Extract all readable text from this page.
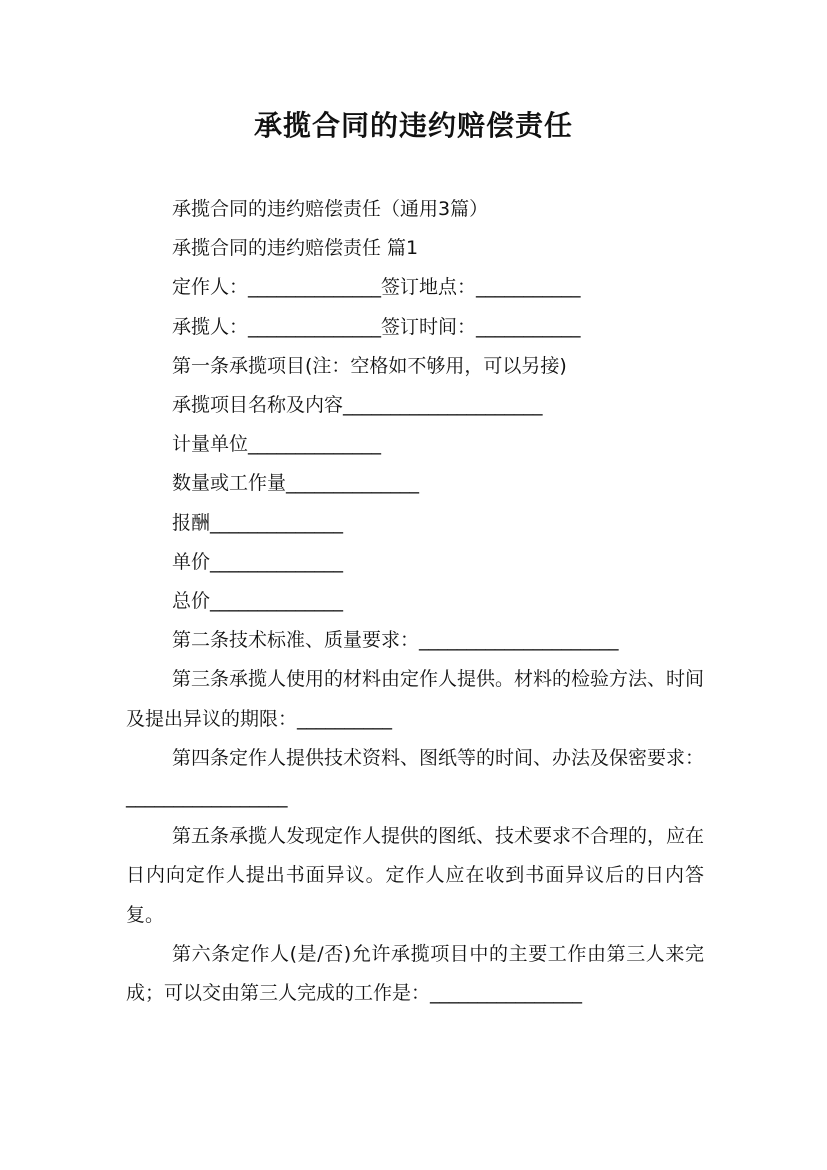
承揽合同的违约赔偿责任

承揽合同的违约赔偿责任（通用3篇）

承揽合同的违约赔偿责任 篇1

定作人：______________签订地点：___________

承揽人：______________签订时间：___________

第一条承揽项目(注：空格如不够用，可以另接)

承揽项目名称及内容_____________________

计量单位______________

数量或工作量______________

报酬______________

单价______________

总价______________

第二条技术标准、质量要求：_____________________

第三条承揽人使用的材料由定作人提供。材料的检验方法、时间及提出异议的期限：__________

第四条定作人提供技术资料、图纸等的时间、办法及保密要求：_________________

第五条承揽人发现定作人提供的图纸、技术要求不合理的，应在日内向定作人提出书面异议。定作人应在收到书面异议后的日内答复。

第六条定作人(是/否)允许承揽项目中的主要工作由第三人来完成；可以交由第三人完成的工作是：________________
